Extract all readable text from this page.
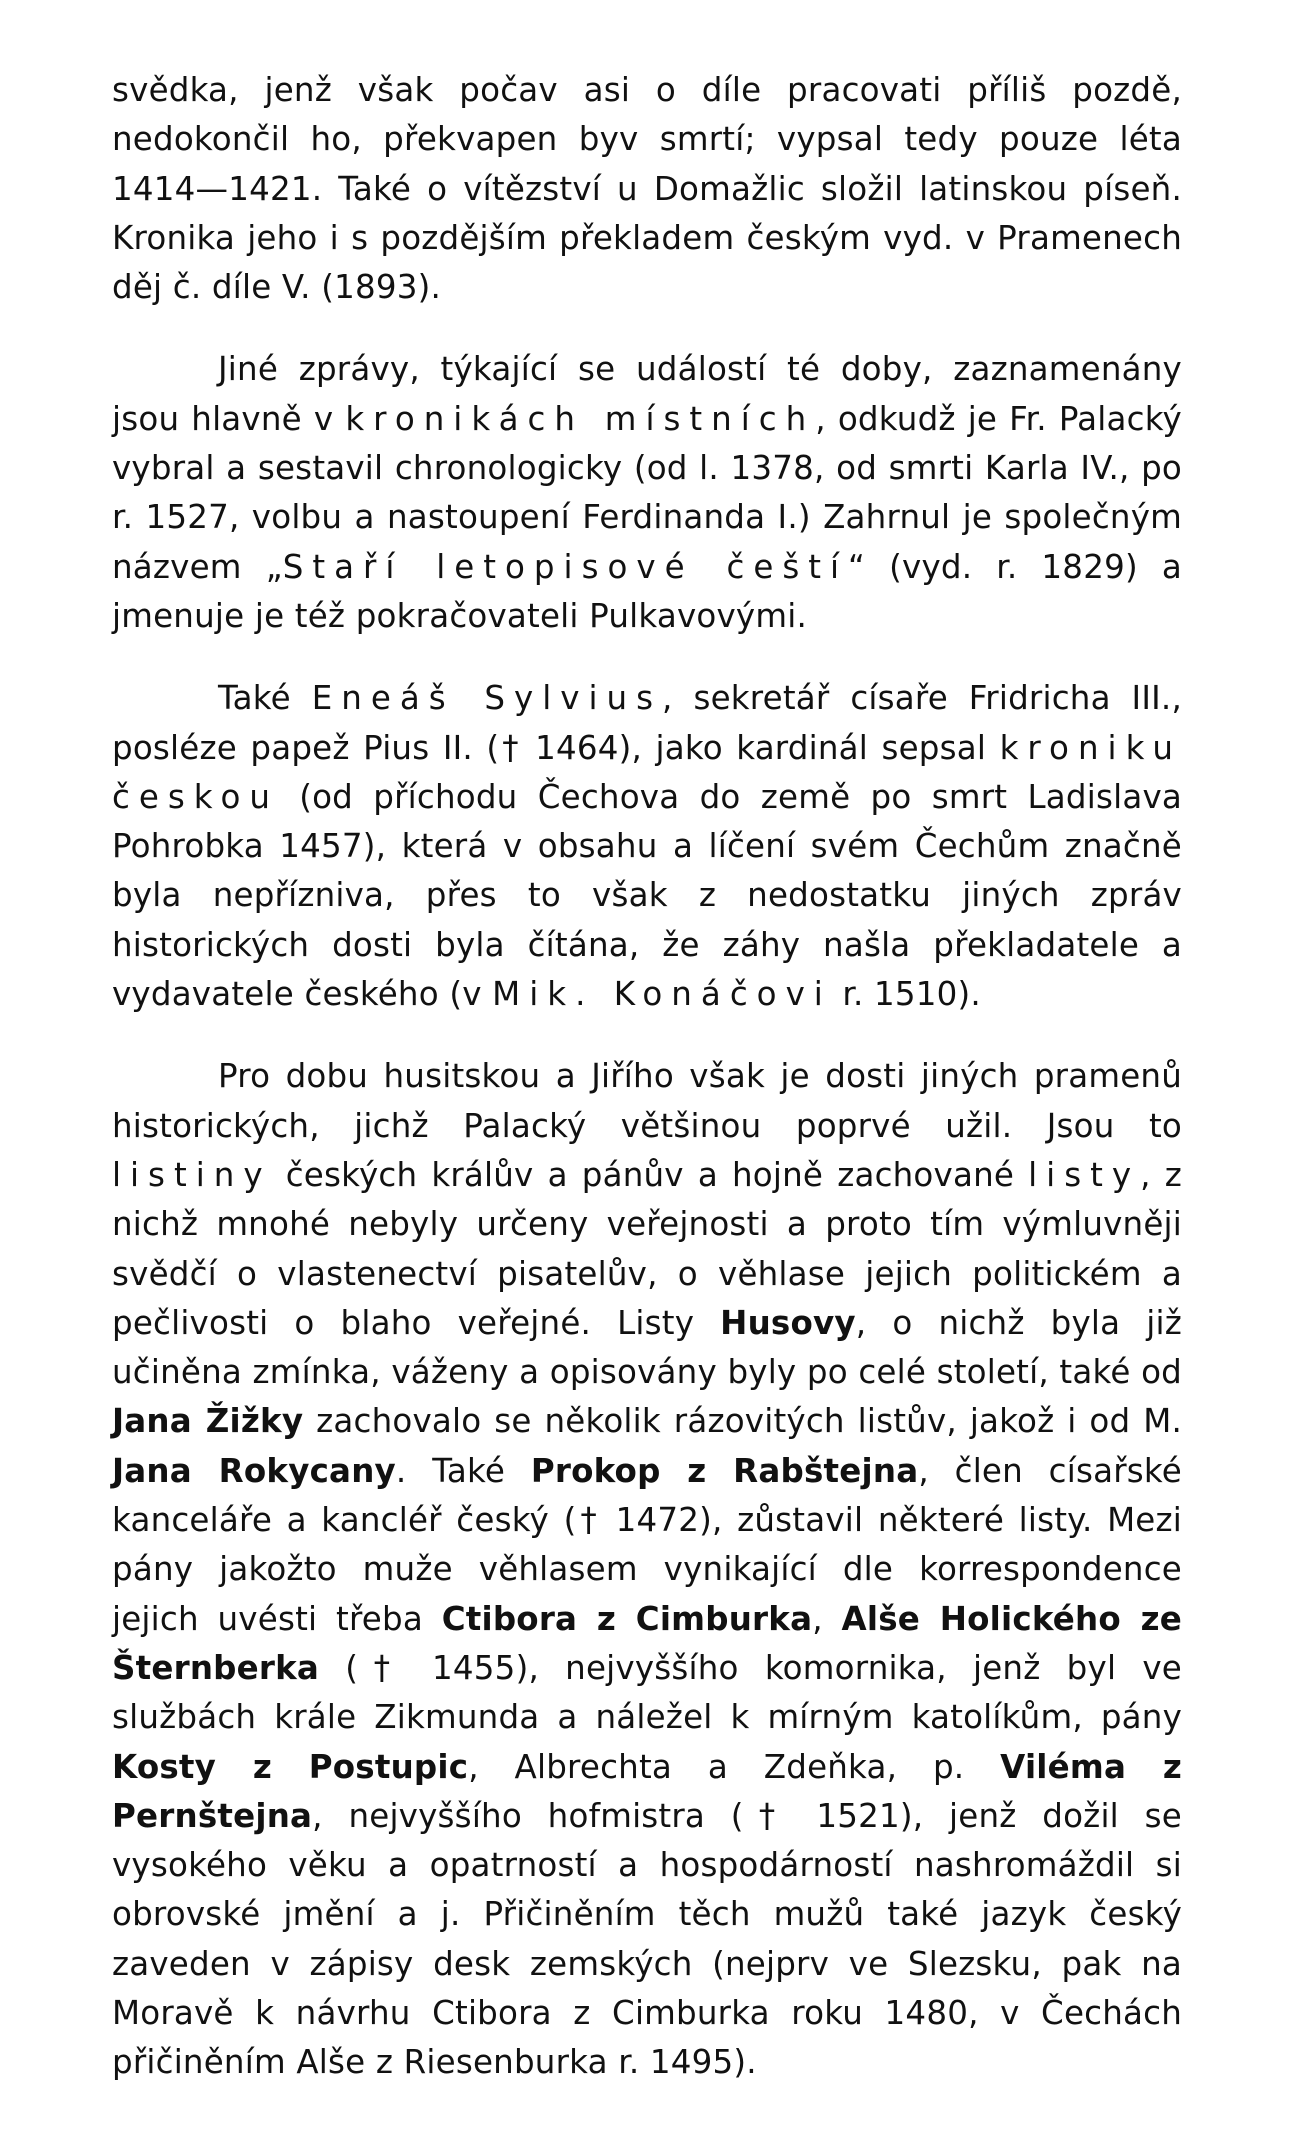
svědka, jenž však počav asi o díle pracovati příliš pozdě, nedokončil ho, překvapen byv smrtí; vypsal tedy pouze léta 1414—1421. Také o vítězství u Domažlic složil latinskou píseň. Kronika jeho i s pozdějším překladem českým vyd. v Pramenech děj č. díle V. (1893).

Jiné zprávy, týkající se událostí té doby, zaznamenány jsou hlavně v kronikách místních, odkudž je Fr. Palacký vybral a sestavil chronologicky (od l. 1378, od smrti Karla IV., po r. 1527, volbu a nastoupení Ferdinanda I.) Zahrnul je společným názvem „Staří letopisové čeští“ (vyd. r. 1829) a jmenuje je též pokračovateli Pulkavovými.

Také Eneáš Sylvius, sekretář císaře Fridricha III., posléze papež Pius II. († 1464), jako kardinál sepsal kroniku českou (od příchodu Čechova do země po smrt Ladislava Pohrobka 1457), která v obsahu a líčení svém Čechům značně byla nepříznivа, přes to však z nedostatku jiných zpráv historických dosti byla čítána, že záhy našla překladatele a vydavatele českého (v Mik. Konáčovi r. 1510).

Pro dobu husitskou a Jiřího však je dosti jiných pramenů historických, jichž Palacký většinou poprvé užil. Jsou to listiny českých králův a pánův a hojně zachované listy, z nichž mnohé nebyly určeny veřejnosti a proto tím výmluvněji svědčí o vlastenectví pisatelův, o věhlase jejich politickém a pečlivosti o blaho veřejné. Listy Husovy, o nichž byla již učiněna zmínka, váženy a opisovány byly po celé století, také od Jana Žižky zachovalo se několik rázovitých listův, jakož i od M. Jana Rokycany. Také Prokop z Rabštejna, člen císařské kanceláře a kancléř český († 1472), zůstavil některé listy. Mezi pány jakožto muže věhlasem vynikající dle korrespondence jejich uvésti třeba Ctibora z Cimburka, Alše Holického ze Šternberka († 1455), nejvyššího komornika, jenž byl ve službách krále Zikmunda a náležel k mírným katolíkům, pány Kosty z Postupic, Albrechta a Zdeňka, p. Viléma z Pernštejna, nejvyššího hofmistra († 1521), jenž dožil se vysokého věku a opatrností a hospodárností nashromáždil si obrovské jmění a j. Přičiněním těch mužů také jazyk český zaveden v zápisy desk zemských (nejprv ve Slezsku, pak na Moravě k návrhu Ctibora z Cimburka roku 1480, v Čechách přičiněním Alše z Riesenburka r. 1495).
